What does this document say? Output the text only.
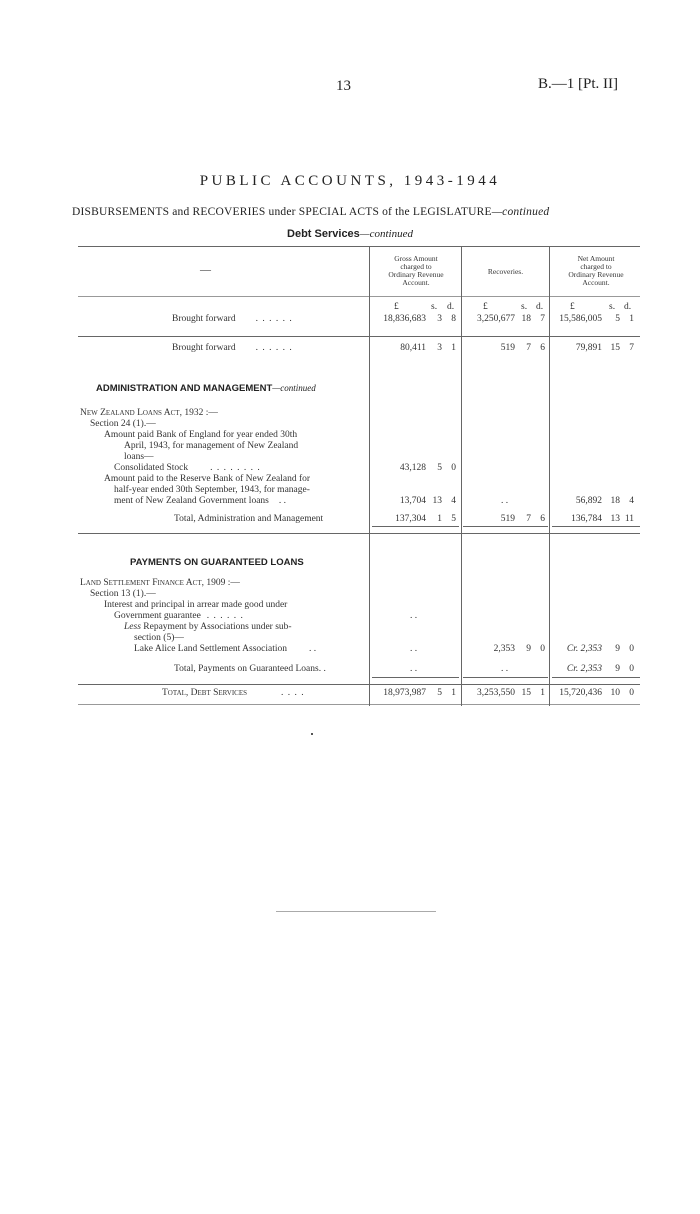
13	B.—1 [Pt. II]
PUBLIC ACCOUNTS, 1943-1944
DISBURSEMENTS and RECOVERIES under SPECIAL ACTS of the LEGISLATURE—continued
Debt Services—continued
—
Gross Amount
charged to
Ordinary Revenue
Account.
Recoveries.
Net Amount
charged to
Ordinary Revenue
Account.
£	s. d.	£	s. d.	£	s. d.
Brought forward . . . . . .	18,836,683	3 8	3,250,677 18 7	15,586,005	5 1
Brought forward . . . . . .	80,411	3 1	519	7 6	79,891 15 7
ADMINISTRATION AND MANAGEMENT—continued
New Zealand Loans Act, 1932 :—
Section 24 (1).—
Amount paid Bank of England for year ended 30th
April, 1943, for management of New Zealand
loans—
Consolidated Stock . . . . . . . .	43,128	5 0
Amount paid to the Reserve Bank of New Zealand for
half-year ended 30th September, 1943, for manage-
ment of New Zealand Government loans . .	13,704 13 4	. .	56,892 18 4
Total, Administration and Management	137,304	1 5	519	7 6	136,784 13 11
PAYMENTS ON GUARANTEED LOANS
Land Settlement Finance Act, 1909 :—
Section 13 (1).—
Interest and principal in arrear made good under
Government guarantee . . . . . .	. .
Less Repayment by Associations under sub-
section (5)—
Lake Alice Land Settlement Association . .	. .	2,353	9 0	Cr. 2,353	9 0
Total, Payments on Guaranteed Loans. .	. .	. .	Cr. 2,353	9 0
Total, Debt Services	. . . .	18,973,987	5 1	3,253,550 15 1	15,720,436 10 0
